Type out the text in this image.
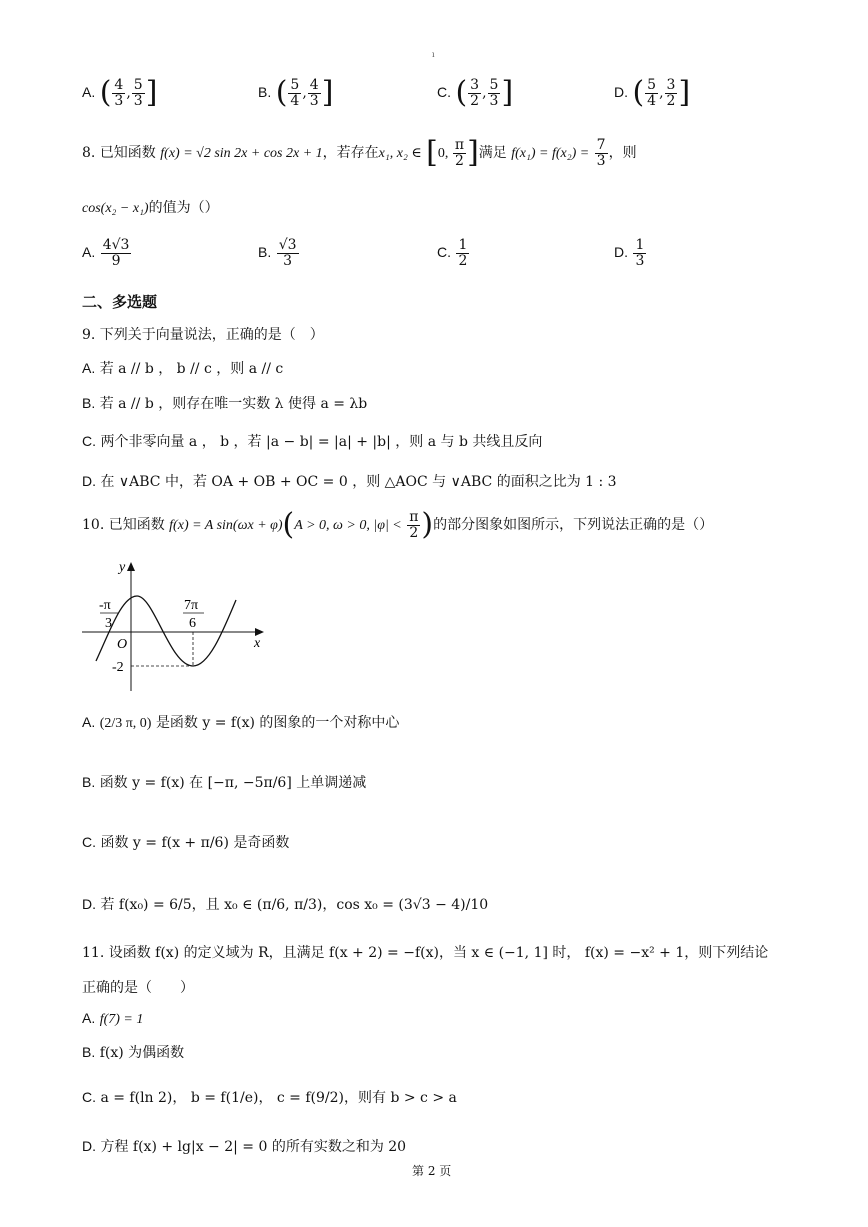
ı
A. ( $\frac{4}{3}$ , $\frac{5}{3}$ ]	B. ( $\frac{5}{4}$ , $\frac{4}{3}$ ]	C. ( $\frac{3}{2}$ , $\frac{5}{3}$ ]	D. ( $\frac{5}{4}$ , $\frac{3}{2}$ ]
8. 已知函数 f(x) = √2 sin 2x + cos 2x + 1，若存在x₁, x₂ ∈ [0, $\frac{\pi}{2}$ ]满足 $f(x_1) = f(x_2) = \frac{7}{3}$ ，则
cos(x₂ − x₁)的值为（）
A. $\frac{4√3}{9}$	B. $\frac{√3}{3}$	C. $\frac{1}{2}$	D. $\frac{1}{3}$
二、多选题
9. 下列关于向量说法，正确的是（　）
A. 若 a // b ， b // c ，则 a // c
B. 若 a // b ，则存在唯一实数 λ 使得 a = λb
C. 两个非零向量 a ， b ，若 |a − b| = |a| + |b| ，则 a 与 b 共线且反向
D. 在 ∨ABC 中，若 OA + OB + OC = 0 ，则 △AOC 与 ∨ABC 的面积之比为 1 : 3
10. 已知函数 f(x) = A sin(ωx + φ)(A > 0, ω > 0, $|\varphi| < \frac{\pi}{2}$ )的部分图象如图所示，下列说法正确的是（）
y
x
O
-π
3
7π
6
-2
A. (2/3 π, 0) 是函数 y = f(x) 的图象的一个对称中心
B. 函数 y = f(x) 在 [−π, −5π/6] 上单调递减
C. 函数 y = f(x + π/6) 是奇函数
D. 若 f(x₀) = 6/5，且 x₀ ∈ (π/6, π/3)，cos x₀ = (3√3 − 4)/10
11. 设函数 f(x) 的定义域为 R，且满足 f(x + 2) = −f(x)，当 x ∈ (−1, 1] 时， f(x) = −x² + 1，则下列结论
正确的是（　　）
A. f(7) = 1
B. f(x) 为偶函数
C. a = f(ln 2)， b = f(1/e)， c = f(9/2)，则有 b > c > a
D. 方程 f(x) + lg|x − 2| = 0 的所有实数之和为 20
第 2 页
